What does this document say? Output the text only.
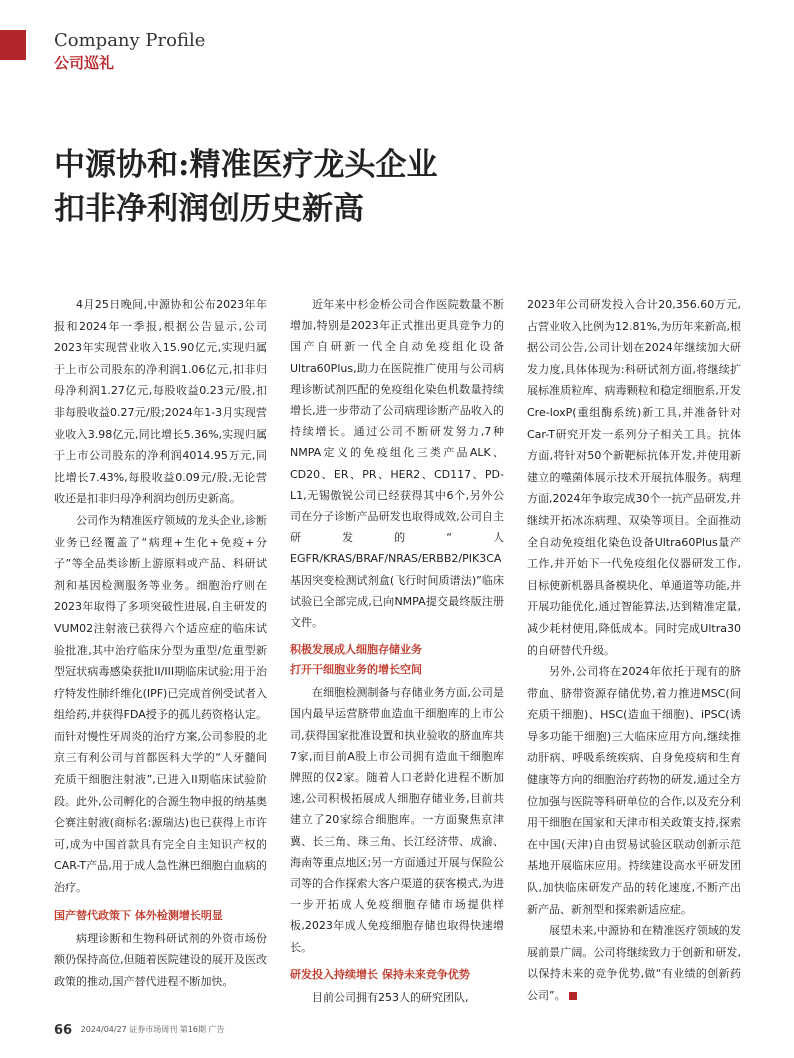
Company Profile
公司巡礼
中源协和:精准医疗龙头企业
扣非净利润创历史新高

4月25日晚间,中源协和公布2023年年报和2024年一季报,根据公告显示,公司2023年实现营业收入15.90亿元,实现归属于上市公司股东的净利润1.06亿元,扣非归母净利润1.27亿元,每股收益0.23元/股,扣非每股收益0.27元/股;2024年1-3月实现营业收入3.98亿元,同比增长5.36%,实现归属于上市公司股东的净利润4014.95万元,同比增长7.43%,每股收益0.09元/股,无论营收还是扣非归母净利润均创历史新高。

公司作为精准医疗领域的龙头企业,诊断业务已经覆盖了“病理+生化+免疫+分子”等全品类诊断上游原料或产品、科研试剂和基因检测服务等业务。细胞治疗则在2023年取得了多项突破性进展,自主研发的VUM02注射液已获得六个适应症的临床试验批准,其中治疗临床分型为重型/危重型新型冠状病毒感染获批II/III期临床试验;用于治疗特发性肺纤维化(IPF)已完成首例受试者入组给药,并获得FDA授予的孤儿药资格认定。而针对慢性牙周炎的治疗方案,公司参股的北京三有利公司与首都医科大学的“人牙髓间充质干细胞注射液”,已进入II期临床试验阶段。此外,公司孵化的合源生物申报的纳基奥仑赛注射液(商标名:源瑞达)也已获得上市许可,成为中国首款具有完全自主知识产权的CAR-T产品,用于成人急性淋巴细胞白血病的治疗。

国产替代政策下 体外检测增长明显

病理诊断和生物科研试剂的外资市场份额仍保持高位,但随着医院建设的展开及医改政策的推动,国产替代进程不断加快。

近年来中杉金桥公司合作医院数量不断增加,特别是2023年正式推出更具竞争力的国产自研新一代全自动免疫组化设备Ultra60Plus,助力在医院推广使用与公司病理诊断试剂匹配的免疫组化染色机数量持续增长,进一步带动了公司病理诊断产品收入的持续增长。通过公司不断研发努力,7种NMPA定义的免疫组化三类产品ALK、CD20、ER、PR、HER2、CD117、PD-L1,无锡傲锐公司已经获得其中6个,另外公司在分子诊断产品研发也取得成效,公司自主研发的“人EGFR/KRAS/BRAF/NRAS/ERBB2/PIK3CA基因突变检测试剂盒(飞行时间质谱法)”临床试验已全部完成,已向NMPA提交最终版注册文件。

积极发展成人细胞存储业务
打开干细胞业务的增长空间

在细胞检测制备与存储业务方面,公司是国内最早运营脐带血造血干细胞库的上市公司,获得国家批准设置和执业验收的脐血库共7家,而目前A股上市公司拥有造血干细胞库牌照的仅2家。随着人口老龄化进程不断加速,公司积极拓展成人细胞存储业务,目前共建立了20家综合细胞库。一方面聚焦京津冀、长三角、珠三角、长江经济带、成渝、海南等重点地区;另一方面通过开展与保险公司等的合作探索大客户渠道的获客模式,为进一步开拓成人免疫细胞存储市场提供样板,2023年成人免疫细胞存储也取得快速增长。

研发投入持续增长 保持未来竞争优势

目前公司拥有253人的研究团队,

2023年公司研发投入合计20,356.60万元,占营业收入比例为12.81%,为历年来新高,根据公司公告,公司计划在2024年继续加大研发力度,具体体现为:科研试剂方面,将继续扩展标准质粒库、病毒颗粒和稳定细胞系,开发Cre-loxP(重组酶系统)新工具,并准备针对Car-T研究开发一系列分子相关工具。抗体方面,将针对50个新靶标抗体开发,并使用新建立的噬菌体展示技术开展抗体服务。病理方面,2024年争取完成30个一抗产品研发,并继续开拓冰冻病理、双染等项目。全面推动全自动免疫组化染色设备Ultra60Plus量产工作,并开始下一代免疫组化仪器研发工作,目标使新机器具备模块化、单通道等功能,并开展功能优化,通过智能算法,达到精准定量,减少耗材使用,降低成本。同时完成Ultra30的自研替代升级。

另外,公司将在2024年依托于现有的脐带血、脐带资源存储优势,着力推进MSC(间充质干细胞)、HSC(造血干细胞)、iPSC(诱导多功能干细胞)三大临床应用方向,继续推动肝病、呼吸系统疾病、自身免疫病和生育健康等方向的细胞治疗药物的研发,通过全方位加强与医院等科研单位的合作,以及充分利用干细胞在国家和天津市相关政策支持,探索在中国(天津)自由贸易试验区联动创新示范基地开展临床应用。持续建设高水平研发团队,加快临床研发产品的转化速度,不断产出新产品、新剂型和探索新适应症。

展望未来,中源协和在精准医疗领域的发展前景广阔。公司将继续致力于创新和研发,以保持未来的竞争优势,做“有业绩的创新药公司”。

66 2024/04/27 证券市场周刊 第16期 广告
